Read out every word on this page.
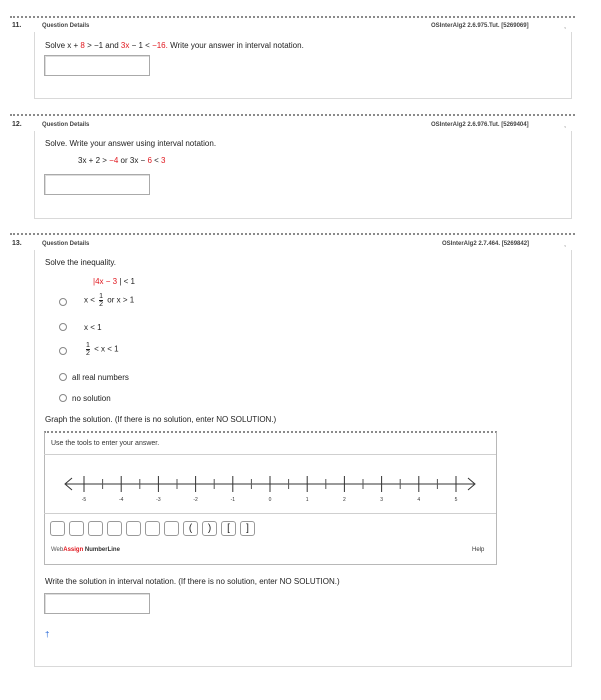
11.	Question Details	OSInterAlg2 2.6.975.Tut. [5269069]	˯
Solve x + 8 > −1 and 3x − 1 < −16. Write your answer in interval notation.
12.	Question Details	OSInterAlg2 2.6.976.Tut. [5269404]	˯
Solve. Write your answer using interval notation.
3x + 2 > −4 or 3x − 6 < 3
13.	Question Details	OSInterAlg2 2.7.464. [5269842]	˯
Solve the inequality.
|4x − 3 | < 1
$x < \frac{1}{2}$ or x > 1
x < 1
$\frac{1}{2} < x < 1$
all real numbers
no solution
Graph the solution. (If there is no solution, enter NO SOLUTION.)
Use the tools to enter your answer.
-5	-4	-3	-2	-1	0	1	2	3	4	5
(	)	[	]
WebAssign NumberLine	Help
Write the solution in interval notation. (If there is no solution, enter NO SOLUTION.)
†
